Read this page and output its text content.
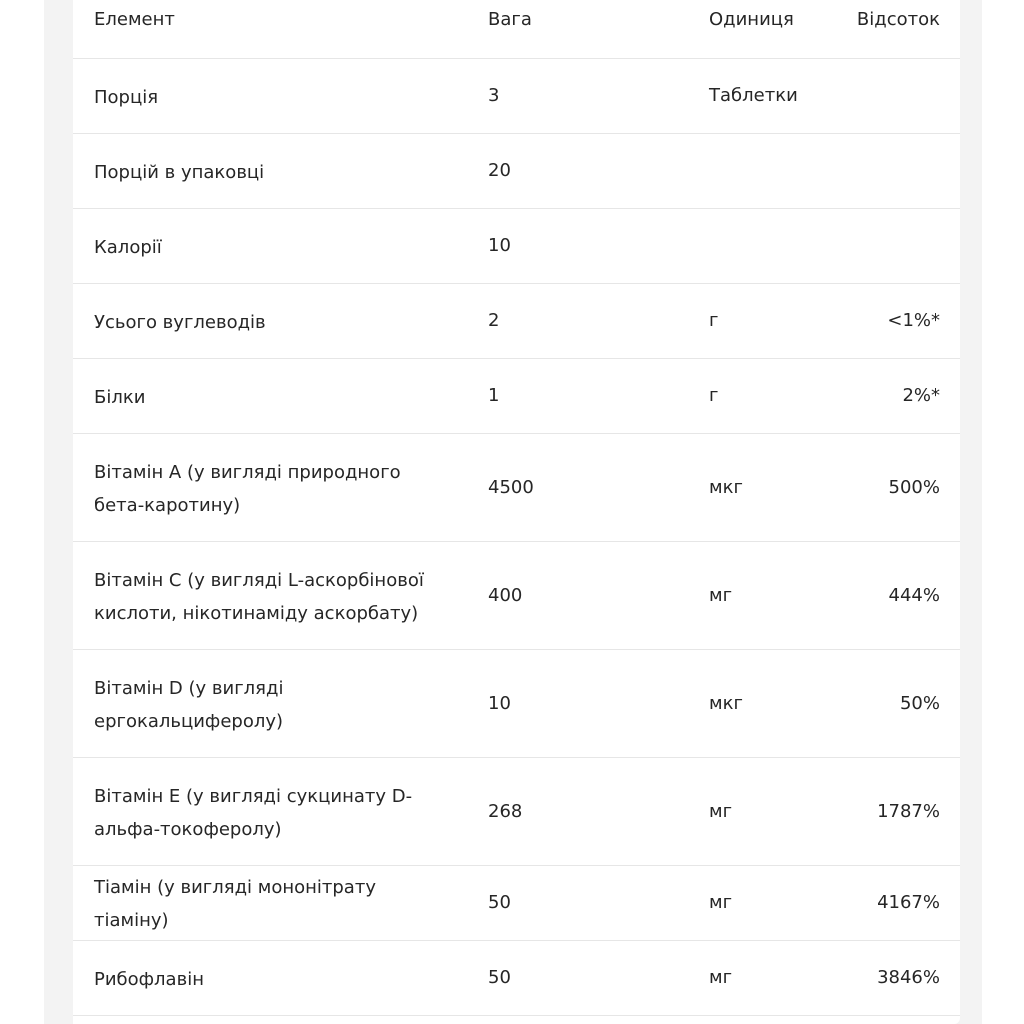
Елемент	Вага	Одиниця	Відсоток
Порція	3	Таблетки	
Порцій в упаковці	20		
Калорії	10		
Усього вуглеводів	2	г	<1%*
Білки	1	г	2%*
Вітамін A (у вигляді природного бета-каротину)	4500	мкг	500%
Вітамін C (у вигляді L-аскорбінової кислоти, нікотинаміду аскорбату)	400	мг	444%
Вітамін D (у вигляді ергокальциферолу)	10	мкг	50%
Вітамін E (у вигляді сукцинату D-альфа-токоферолу)	268	мг	1787%
Тіамін (у вигляді мононітрату тіаміну)	50	мг	4167%
Рибофлавін	50	мг	3846%
